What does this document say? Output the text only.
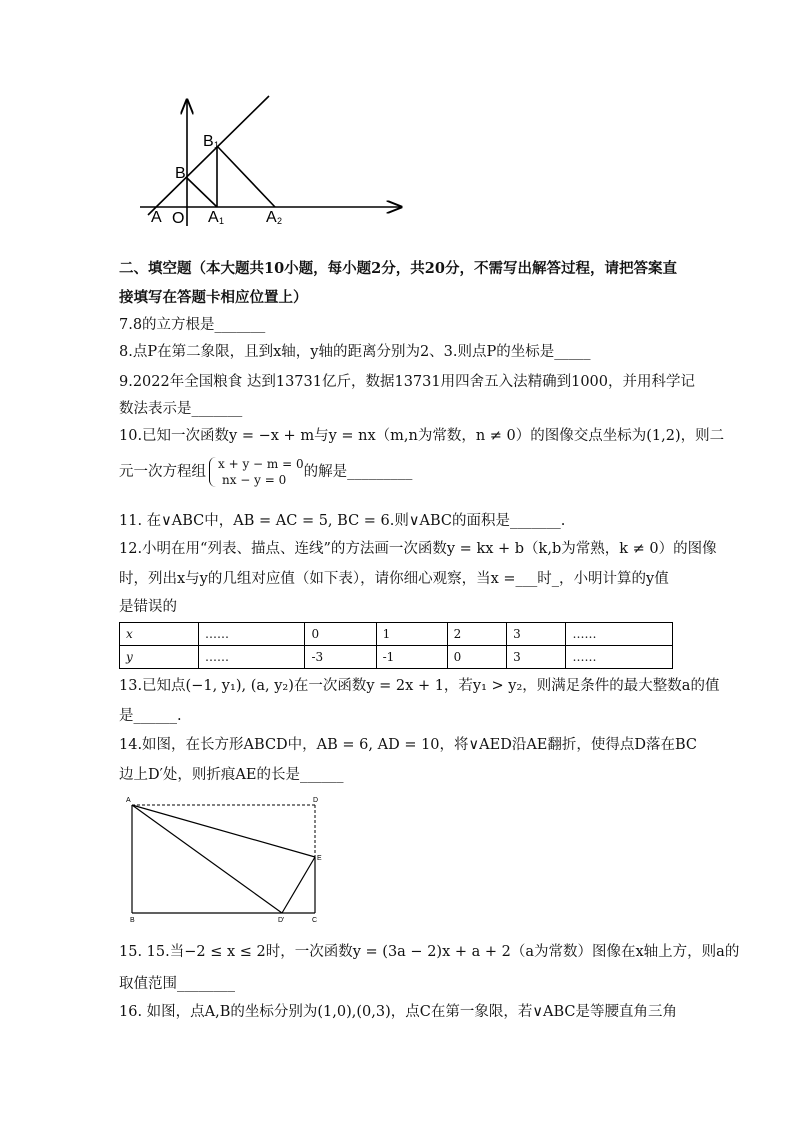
A O A 1	A 2
B
B 1
二、填空题（本大题共10小题，每小题2分，共20分，不需写出解答过程，请把答案直
接填写在答题卡相应位置上）
7.8的立方根是_______
8.点P在第二象限，且到x轴，y轴的距离分别为2、3.则点P的坐标是_____
9.2022年全国粮食 达到13731亿斤，数据13731用四舍五入法精确到1000，并用科学记
数法表示是_______
10.已知一次函数y = −x + m与y = nx（m,n为常数，n ≠ 0）的图像交点坐标为(1,2)，则二
元一次方程组 x + y − m = 0
nx − y = 0	的解是_________
11. 在∨ABC中，AB = AC = 5, BC = 6.则∨ABC的面积是_______.
12.小明在用“列表、描点、连线”的方法画一次函数y = kx + b（k,b为常熟，k ≠ 0）的图像
时，列出x与y的几组对应值（如下表），请你细心观察，当x =___时_，小明计算的y值
是错误的
x	……	0	1	2	3	……
y	……	-3	-1	0	3	……
13.已知点(−1, y₁), (a, y₂)在一次函数y = 2x + 1，若y₁ > y₂，则满足条件的最大整数a的值
是______.
14.如图，在长方形ABCD中，AB = 6, AD = 10，将∨AED沿AE翻折，使得点D落在BC
边上D′处，则折痕AE的长是______
A	D
E
B	D'	C
15. 15.当−2 ≤ x ≤ 2时，一次函数y = (3a − 2)x + a + 2（a为常数）图像在x轴上方，则a的
取值范围________
16. 如图，点A,B的坐标分别为(1,0),(0,3)，点C在第一象限，若∨ABC是等腰直角三角
